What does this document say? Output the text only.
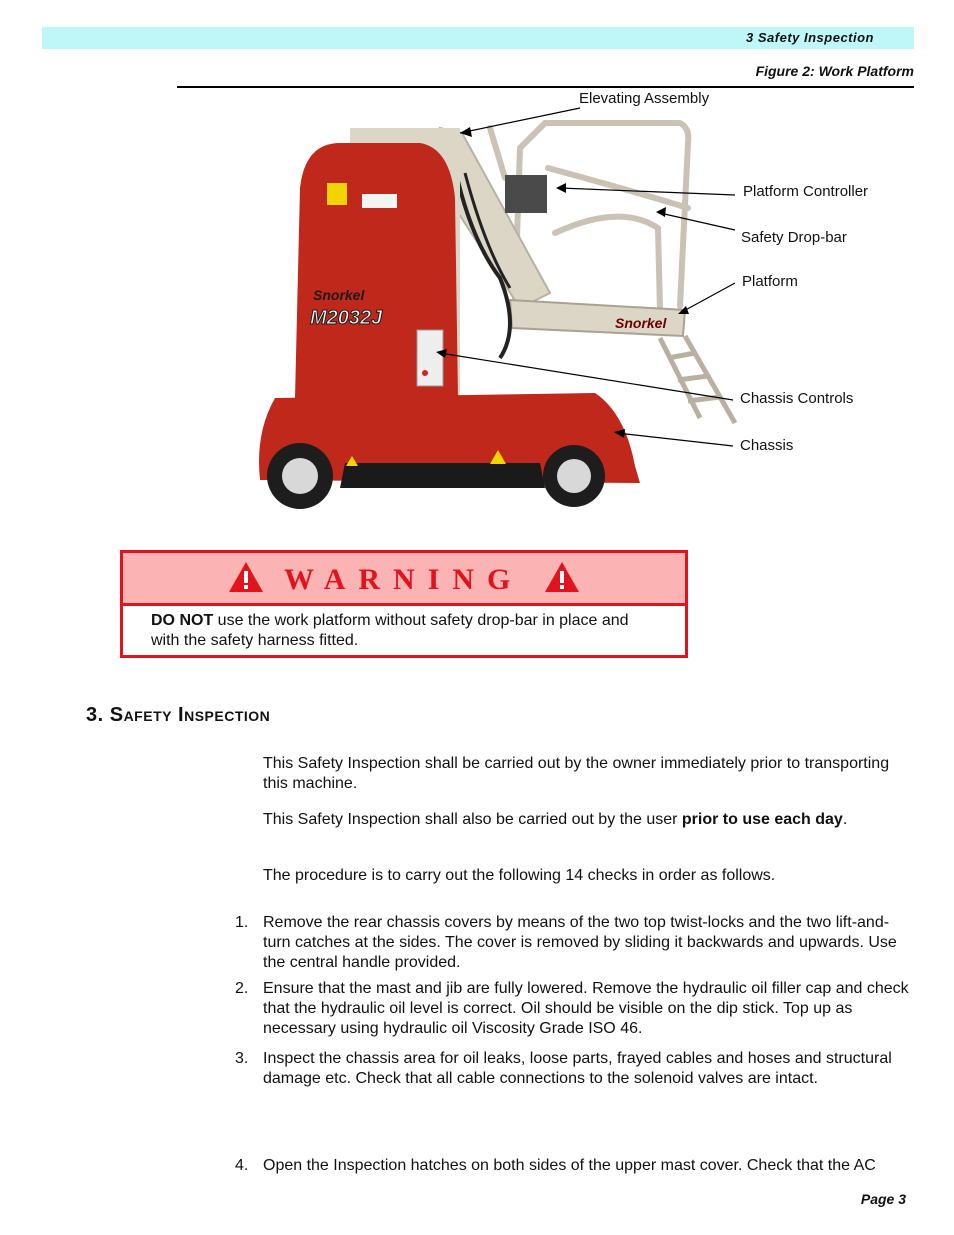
3 Safety Inspection
Figure 2: Work Platform
Snorkel
Snorkel
M2032J
Elevating Assembly
Platform Controller
Safety Drop-bar
Platform
Chassis Controls
Chassis
WARNING
DO NOT use the work platform without safety drop-bar in place and with the safety harness fitted.
3. Safety Inspection
This Safety Inspection shall be carried out by the owner immediately prior to transporting this machine.
This Safety Inspection shall also be carried out by the user prior to use each day.
The procedure is to carry out the following 14 checks in order as follows.
1. Remove the rear chassis covers by means of the two top twist-locks and the two lift-and-turn catches at the sides. The cover is removed by sliding it backwards and upwards. Use the central handle provided.
2. Ensure that the mast and jib are fully lowered. Remove the hydraulic oil filler cap and check that the hydraulic oil level is correct. Oil should be visible on the dip stick. Top up as necessary using hydraulic oil Viscosity Grade ISO 46.
3. Inspect the chassis area for oil leaks, loose parts, frayed cables and hoses and structural damage etc. Check that all cable connections to the solenoid valves are intact.
4. Open the Inspection hatches on both sides of the upper mast cover. Check that the AC
Page 3
